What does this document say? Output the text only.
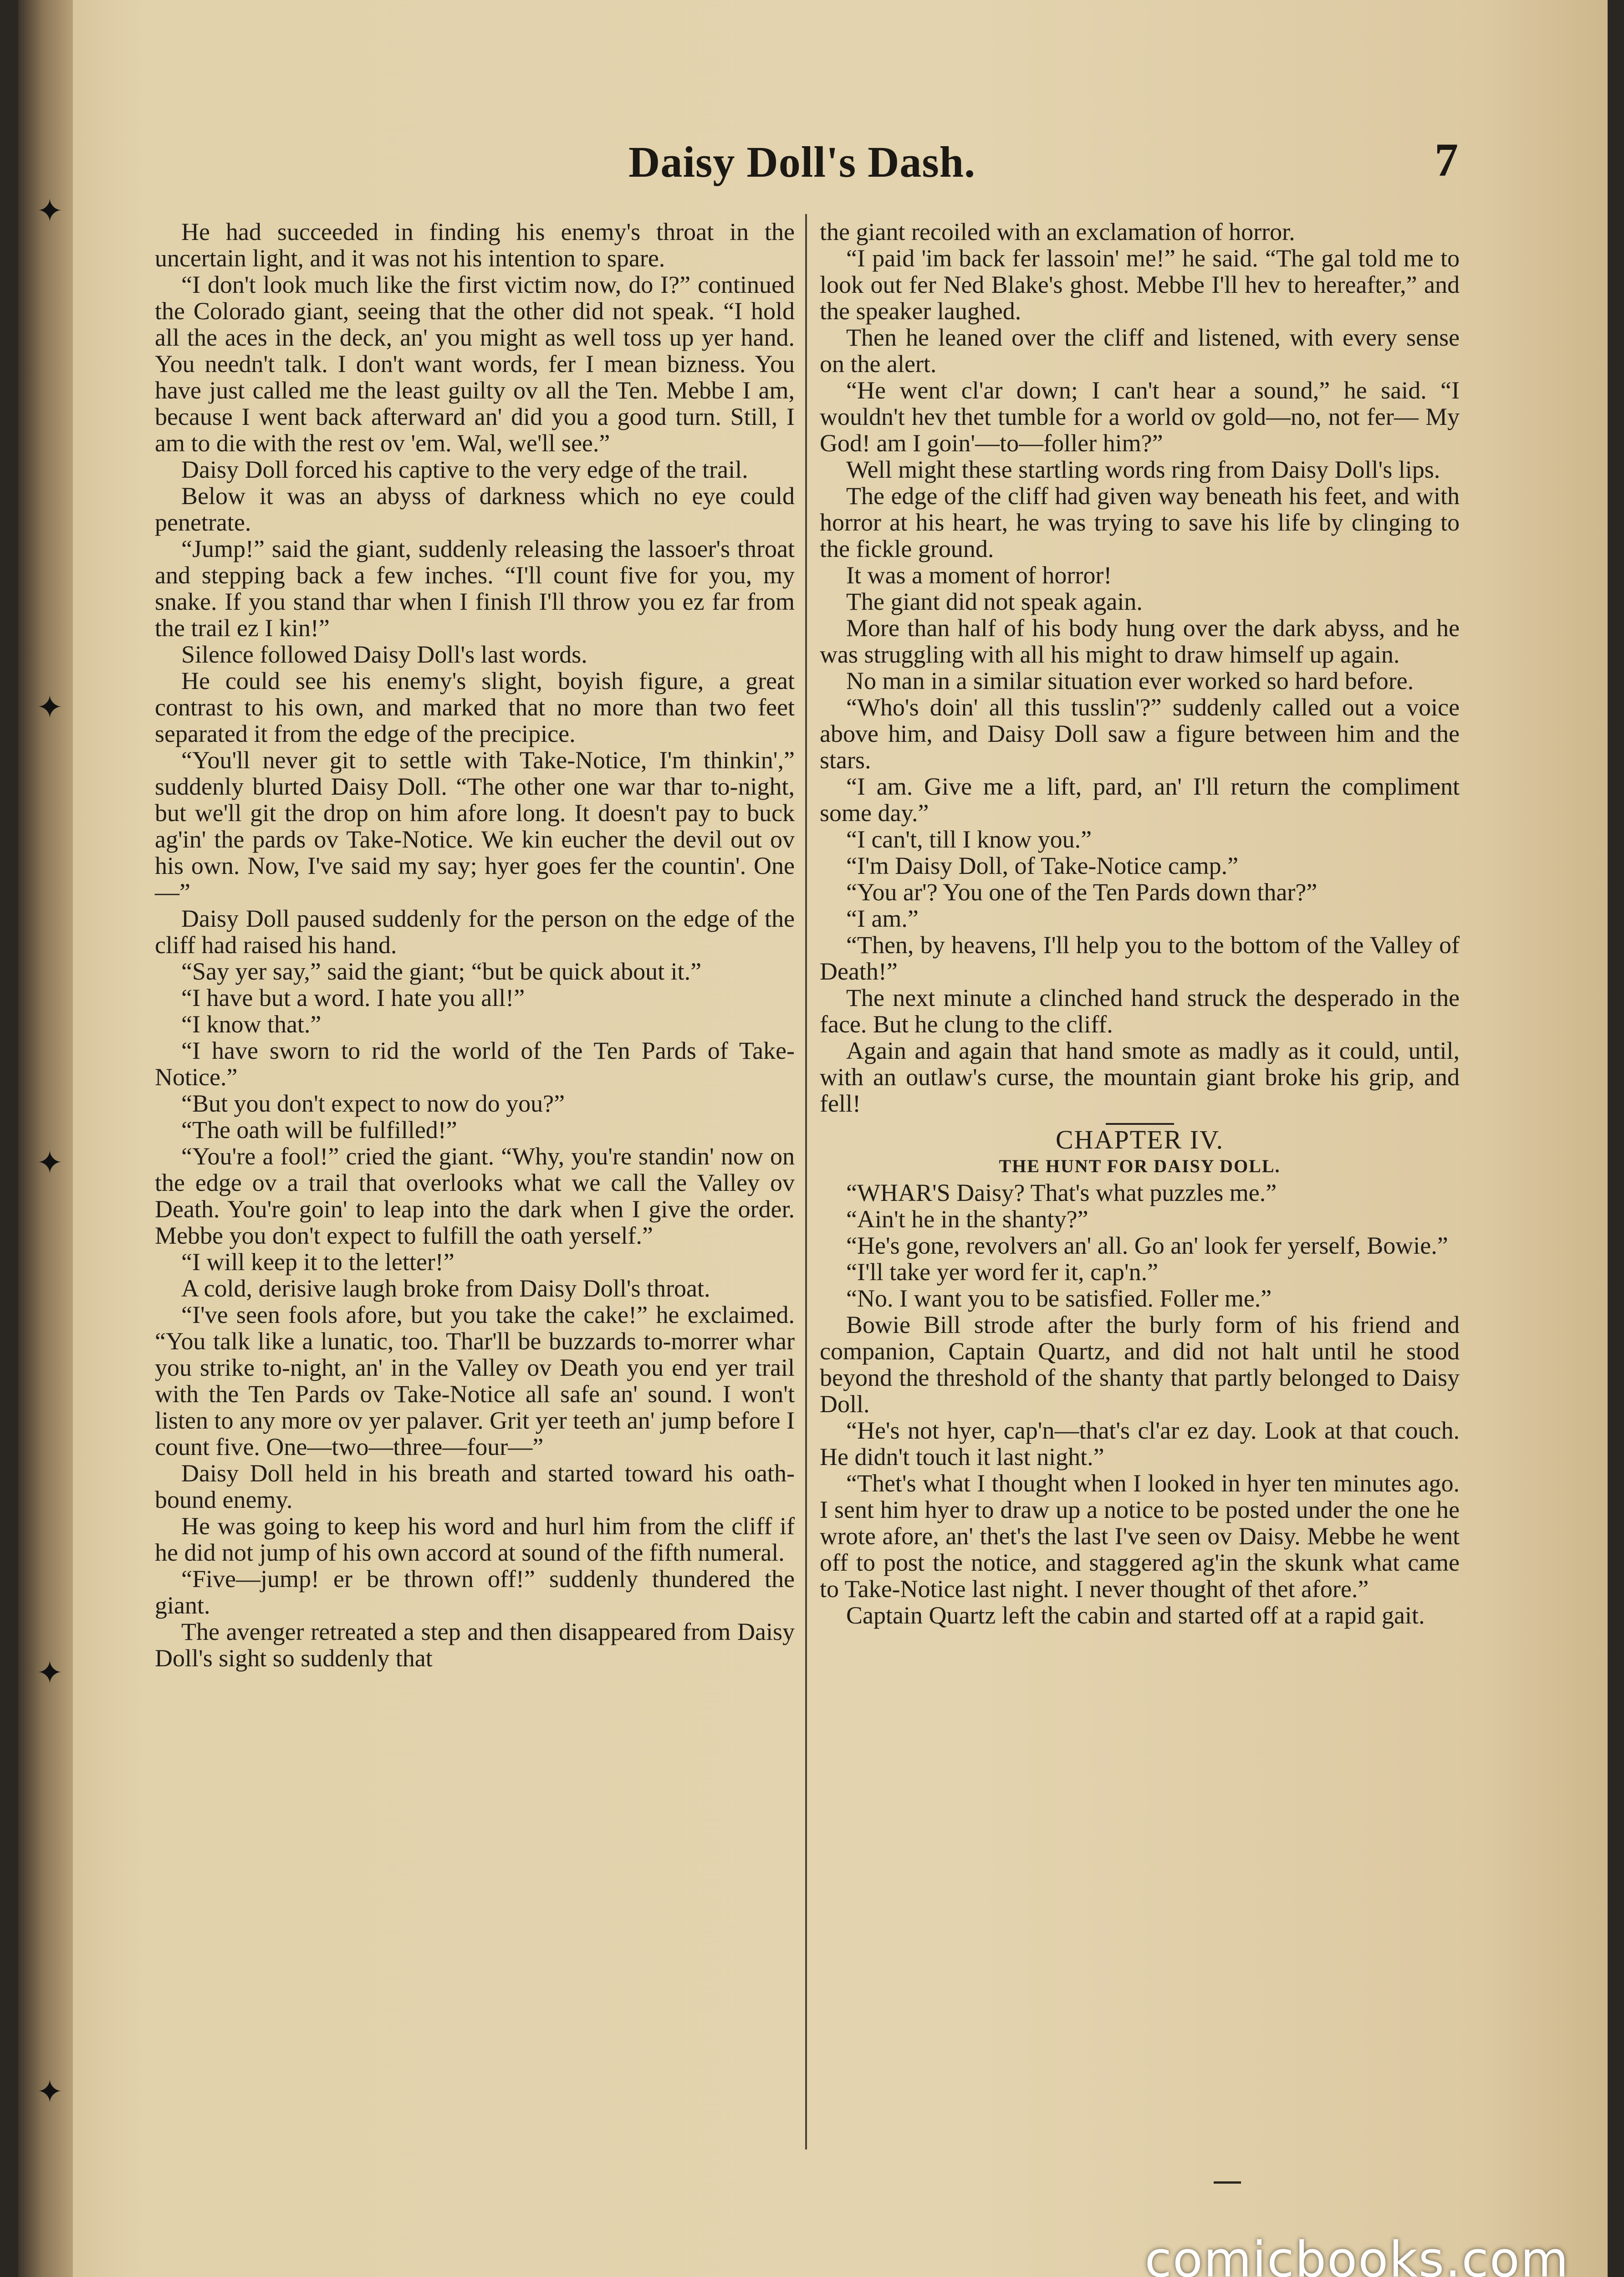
✦
✦
✦
✦
✦
Daisy Doll's Dash.	7

He had succeeded in finding his enemy's throat in the uncertain light, and it was not his intention to spare.

“I don't look much like the first victim now, do I?” continued the Colorado giant, seeing that the other did not speak. “I hold all the aces in the deck, an' you might as well toss up yer hand. You needn't talk. I don't want words, fer I mean bizness. You have just called me the least guilty ov all the Ten. Mebbe I am, because I went back afterward an' did you a good turn. Still, I am to die with the rest ov 'em. Wal, we'll see.”

Daisy Doll forced his captive to the very edge of the trail.

Below it was an abyss of darkness which no eye could penetrate.

“Jump!” said the giant, suddenly releasing the lassoer's throat and stepping back a few inches. “I'll count five for you, my snake. If you stand thar when I finish I'll throw you ez far from the trail ez I kin!”

Silence followed Daisy Doll's last words.

He could see his enemy's slight, boyish figure, a great contrast to his own, and marked that no more than two feet separated it from the edge of the precipice.

“You'll never git to settle with Take-Notice, I'm thinkin',” suddenly blurted Daisy Doll. “The other one war thar to-night, but we'll git the drop on him afore long. It doesn't pay to buck ag'in' the pards ov Take-Notice. We kin eucher the devil out ov his own. Now, I've said my say; hyer goes fer the countin'. One—”

Daisy Doll paused suddenly for the person on the edge of the cliff had raised his hand.

“Say yer say,” said the giant; “but be quick about it.”

“I have but a word. I hate you all!”

“I know that.”

“I have sworn to rid the world of the Ten Pards of Take-Notice.”

“But you don't expect to now do you?”

“The oath will be fulfilled!”

“You're a fool!” cried the giant. “Why, you're standin' now on the edge ov a trail that overlooks what we call the Valley ov Death. You're goin' to leap into the dark when I give the order. Mebbe you don't expect to fulfill the oath yerself.”

“I will keep it to the letter!”

A cold, derisive laugh broke from Daisy Doll's throat.

“I've seen fools afore, but you take the cake!” he exclaimed. “You talk like a lunatic, too. Thar'll be buzzards to-morrer whar you strike to-night, an' in the Valley ov Death you end yer trail with the Ten Pards ov Take-Notice all safe an' sound. I won't listen to any more ov yer palaver. Grit yer teeth an' jump before I count five. One—two—three—four—”

Daisy Doll held in his breath and started toward his oath-bound enemy.

He was going to keep his word and hurl him from the cliff if he did not jump of his own accord at sound of the fifth numeral.

“Five—jump! er be thrown off!” suddenly thundered the giant.

The avenger retreated a step and then disappeared from Daisy Doll's sight so suddenly that

the giant recoiled with an exclamation of horror.

“I paid 'im back fer lassoin' me!” he said. “The gal told me to look out fer Ned Blake's ghost. Mebbe I'll hev to hereafter,” and the speaker laughed.

Then he leaned over the cliff and listened, with every sense on the alert.

“He went cl'ar down; I can't hear a sound,” he said. “I wouldn't hev thet tumble for a world ov gold—no, not fer— My God! am I goin'—to—foller him?”

Well might these startling words ring from Daisy Doll's lips.

The edge of the cliff had given way beneath his feet, and with horror at his heart, he was trying to save his life by clinging to the fickle ground.

It was a moment of horror!

The giant did not speak again.

More than half of his body hung over the dark abyss, and he was struggling with all his might to draw himself up again.

No man in a similar situation ever worked so hard before.

“Who's doin' all this tusslin'?” suddenly called out a voice above him, and Daisy Doll saw a figure between him and the stars.

“I am. Give me a lift, pard, an' I'll return the compliment some day.”

“I can't, till I know you.”

“I'm Daisy Doll, of Take-Notice camp.”

“You ar'? You one of the Ten Pards down thar?”

“I am.”

“Then, by heavens, I'll help you to the bottom of the Valley of Death!”

The next minute a clinched hand struck the desperado in the face. But he clung to the cliff.

Again and again that hand smote as madly as it could, until, with an outlaw's curse, the mountain giant broke his grip, and fell!

CHAPTER IV.

THE HUNT FOR DAISY DOLL.

“WHAR'S Daisy? That's what puzzles me.”

“Ain't he in the shanty?”

“He's gone, revolvers an' all. Go an' look fer yerself, Bowie.”

“I'll take yer word fer it, cap'n.”

“No. I want you to be satisfied. Foller me.”

Bowie Bill strode after the burly form of his friend and companion, Captain Quartz, and did not halt until he stood beyond the threshold of the shanty that partly belonged to Daisy Doll.

“He's not hyer, cap'n—that's cl'ar ez day. Look at that couch. He didn't touch it last night.”

“Thet's what I thought when I looked in hyer ten minutes ago. I sent him hyer to draw up a notice to be posted under the one he wrote afore, an' thet's the last I've seen ov Daisy. Mebbe he went off to post the notice, and staggered ag'in the skunk what came to Take-Notice last night. I never thought of thet afore.”

Captain Quartz left the cabin and started off at a rapid gait.

comicbooks.com
